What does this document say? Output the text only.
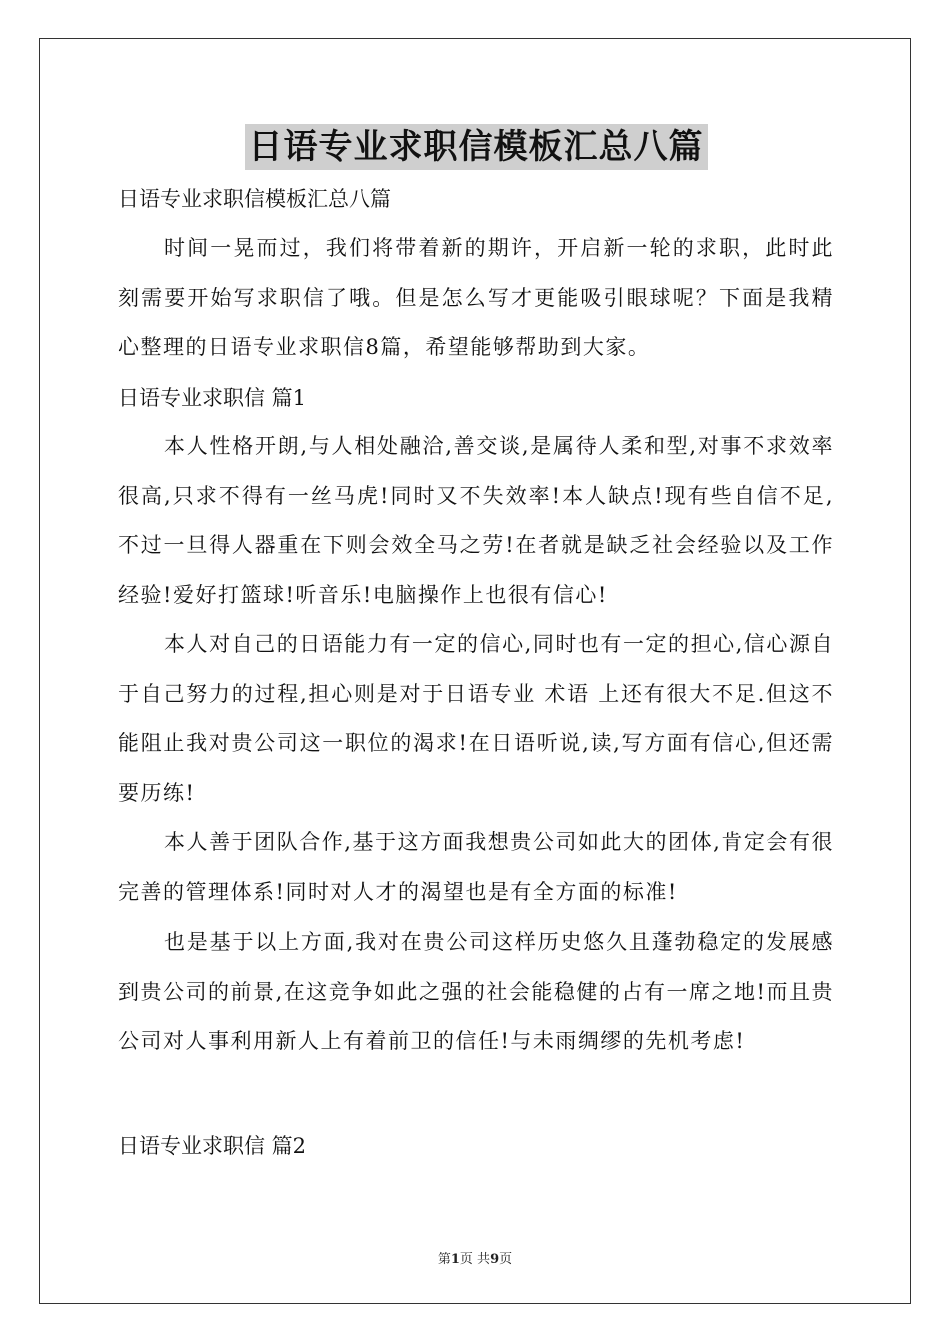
日语专业求职信模板汇总八篇
日语专业求职信模板汇总八篇
时间一晃而过，我们将带着新的期许，开启新一轮的求职，此时此刻需要开始写求职信了哦。但是怎么写才更能吸引眼球呢？下面是我精心整理的日语专业求职信8篇，希望能够帮助到大家。
日语专业求职信 篇1
本人性格开朗,与人相处融洽,善交谈,是属待人柔和型,对事不求效率很高,只求不得有一丝马虎!同时又不失效率!本人缺点!现有些自信不足,不过一旦得人器重在下则会效全马之劳!在者就是缺乏社会经验以及工作经验!爱好打篮球!听音乐!电脑操作上也很有信心!
本人对自己的日语能力有一定的信心,同时也有一定的担心,信心源自于自己努力的过程,担心则是对于日语专业 术语 上还有很大不足.但这不能阻止我对贵公司这一职位的渴求!在日语听说,读,写方面有信心,但还需要历练!
本人善于团队合作,基于这方面我想贵公司如此大的团体,肯定会有很完善的管理体系!同时对人才的渴望也是有全方面的标准!
也是基于以上方面,我对在贵公司这样历史悠久且蓬勃稳定的发展感到贵公司的前景,在这竞争如此之强的社会能稳健的占有一席之地!而且贵公司对人事利用新人上有着前卫的信任!与未雨绸缪的先机考虑!
日语专业求职信 篇2
第1页 共9页
